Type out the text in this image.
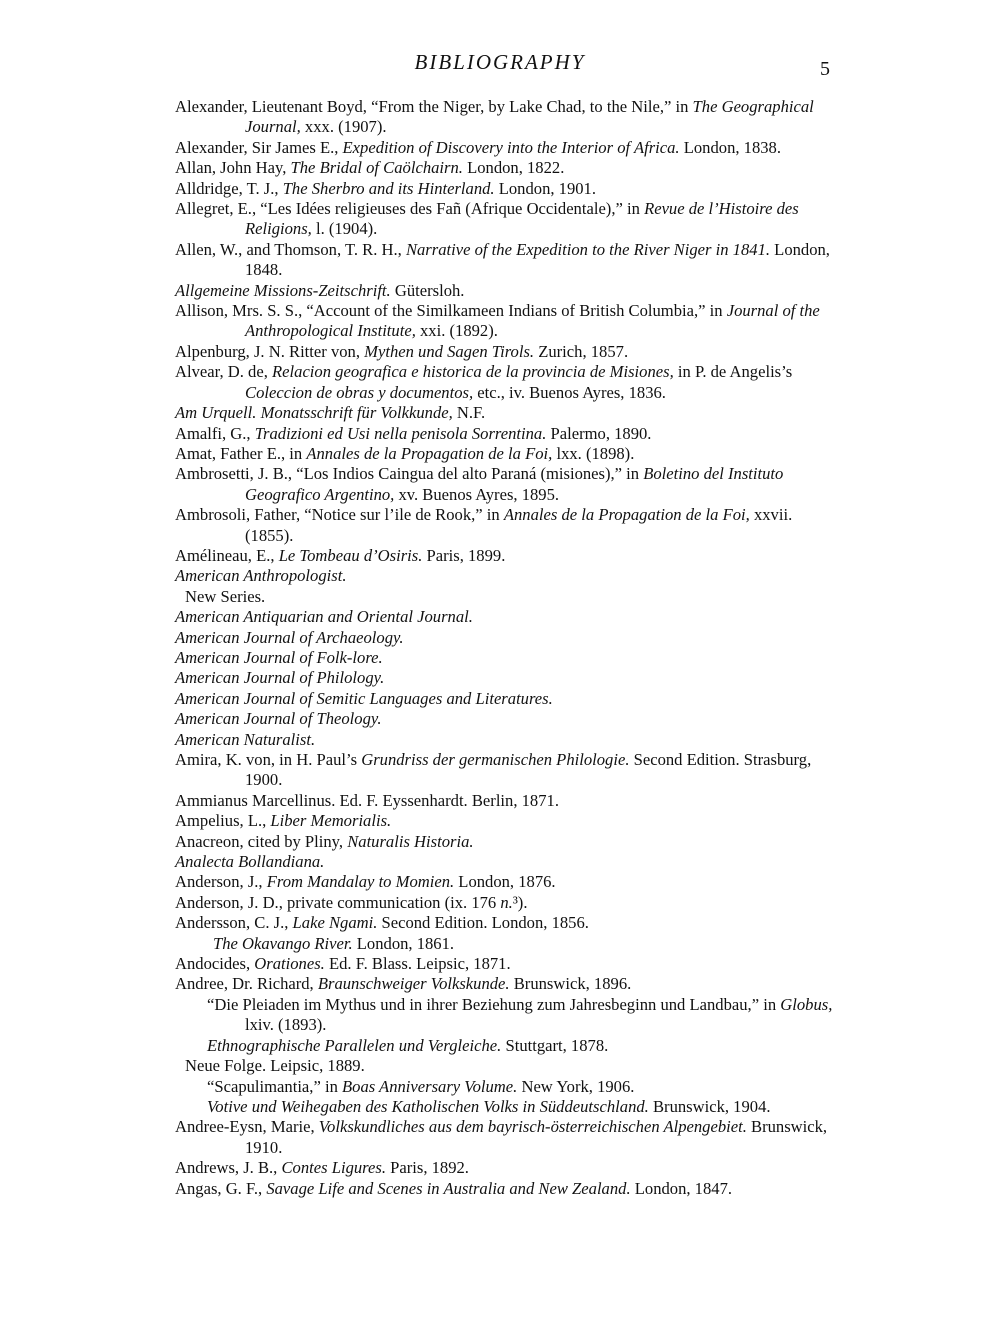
BIBLIOGRAPHY	5

Alexander, Lieutenant Boyd, “From the Niger, by Lake Chad, to the Nile,” in The Geographical Journal, xxx. (1907).

Alexander, Sir James E., Expedition of Discovery into the Interior of Africa. London, 1838.

Allan, John Hay, The Bridal of Caölchairn. London, 1822.

Alldridge, T. J., The Sherbro and its Hinterland. London, 1901.

Allegret, E., “Les Idées religieuses des Fañ (Afrique Occidentale),” in Revue de l’Histoire des Religions, l. (1904).

Allen, W., and Thomson, T. R. H., Narrative of the Expedition to the River Niger in 1841. London, 1848.

Allgemeine Missions-Zeitschrift. Gütersloh.

Allison, Mrs. S. S., “Account of the Similkameen Indians of British Columbia,” in Journal of the Anthropological Institute, xxi. (1892).

Alpenburg, J. N. Ritter von, Mythen und Sagen Tirols. Zurich, 1857.

Alvear, D. de, Relacion geografica e historica de la provincia de Misiones, in P. de Angelis’s Coleccion de obras y documentos, etc., iv. Buenos Ayres, 1836.

Am Urquell. Monatsschrift für Volkkunde, N.F.

Amalfi, G., Tradizioni ed Usi nella penisola Sorrentina. Palermo, 1890.

Amat, Father E., in Annales de la Propagation de la Foi, lxx. (1898).

Ambrosetti, J. B., “Los Indios Caingua del alto Paraná (misiones),” in Boletino del Instituto Geografico Argentino, xv. Buenos Ayres, 1895.

Ambrosoli, Father, “Notice sur l’ile de Rook,” in Annales de la Propagation de la Foi, xxvii. (1855).

Amélineau, E., Le Tombeau d’Osiris. Paris, 1899.

American Anthropologist.

New Series.

American Antiquarian and Oriental Journal.

American Journal of Archaeology.

American Journal of Folk-lore.

American Journal of Philology.

American Journal of Semitic Languages and Literatures.

American Journal of Theology.

American Naturalist.

Amira, K. von, in H. Paul’s Grundriss der germanischen Philologie. Second Edition. Strasburg, 1900.

Ammianus Marcellinus. Ed. F. Eyssenhardt. Berlin, 1871.

Ampelius, L., Liber Memorialis.

Anacreon, cited by Pliny, Naturalis Historia.

Analecta Bollandiana.

Anderson, J., From Mandalay to Momien. London, 1876.

Anderson, J. D., private communication (ix. 176 n.³).

Andersson, C. J., Lake Ngami. Second Edition. London, 1856.

The Okavango River. London, 1861.

Andocides, Orationes. Ed. F. Blass. Leipsic, 1871.

Andree, Dr. Richard, Braunschweiger Volkskunde. Brunswick, 1896.

“Die Pleiaden im Mythus und in ihrer Beziehung zum Jahresbeginn und Landbau,” in Globus, lxiv. (1893).

Ethnographische Parallelen und Vergleiche. Stuttgart, 1878.

Neue Folge. Leipsic, 1889.

“Scapulimantia,” in Boas Anniversary Volume. New York, 1906.

Votive und Weihegaben des Katholischen Volks in Süddeutschland. Brunswick, 1904.

Andree-Eysn, Marie, Volkskundliches aus dem bayrisch-österreichischen Alpengebiet. Brunswick, 1910.

Andrews, J. B., Contes Ligures. Paris, 1892.

Angas, G. F., Savage Life and Scenes in Australia and New Zealand. London, 1847.
